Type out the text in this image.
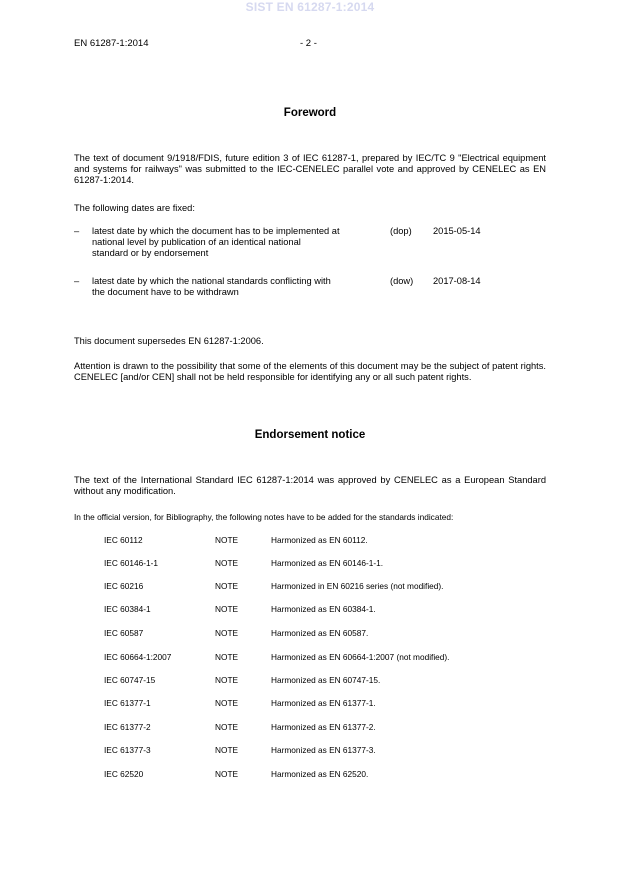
SIST EN 61287-1:2014
EN 61287-1:2014	- 2 -
Foreword
The text of document 9/1918/FDIS, future edition 3 of IEC 61287-1, prepared by IEC/TC 9 "Electrical equipment and systems for railways" was submitted to the IEC-CENELEC parallel vote and approved by CENELEC as EN 61287-1:2014.
The following dates are fixed:
– latest date by which the document has to be implemented at
national level by publication of an identical national
standard or by endorsement
(dop) 2015-05-14
– latest date by which the national standards conflicting with
the document have to be withdrawn
(dow) 2017-08-14
This document supersedes EN 61287-1:2006.
Attention is drawn to the possibility that some of the elements of this document may be the subject of patent rights. CENELEC [and/or CEN] shall not be held responsible for identifying any or all such patent rights.
Endorsement notice
The text of the International Standard IEC 61287-1:2014 was approved by CENELEC as a European Standard without any modification.
In the official version, for Bibliography, the following notes have to be added for the standards indicated:
IEC 60112	NOTE	Harmonized as EN 60112.
IEC 60146-1-1	NOTE	Harmonized as EN 60146-1-1.
IEC 60216	NOTE	Harmonized in EN 60216 series (not modified).
IEC 60384-1	NOTE	Harmonized as EN 60384-1.
IEC 60587	NOTE	Harmonized as EN 60587.
IEC 60664-1:2007	NOTE	Harmonized as EN 60664-1:2007 (not modified).
IEC 60747-15	NOTE	Harmonized as EN 60747-15.
IEC 61377-1	NOTE	Harmonized as EN 61377-1.
IEC 61377-2	NOTE	Harmonized as EN 61377-2.
IEC 61377-3	NOTE	Harmonized as EN 61377-3.
IEC 62520	NOTE	Harmonized as EN 62520.
